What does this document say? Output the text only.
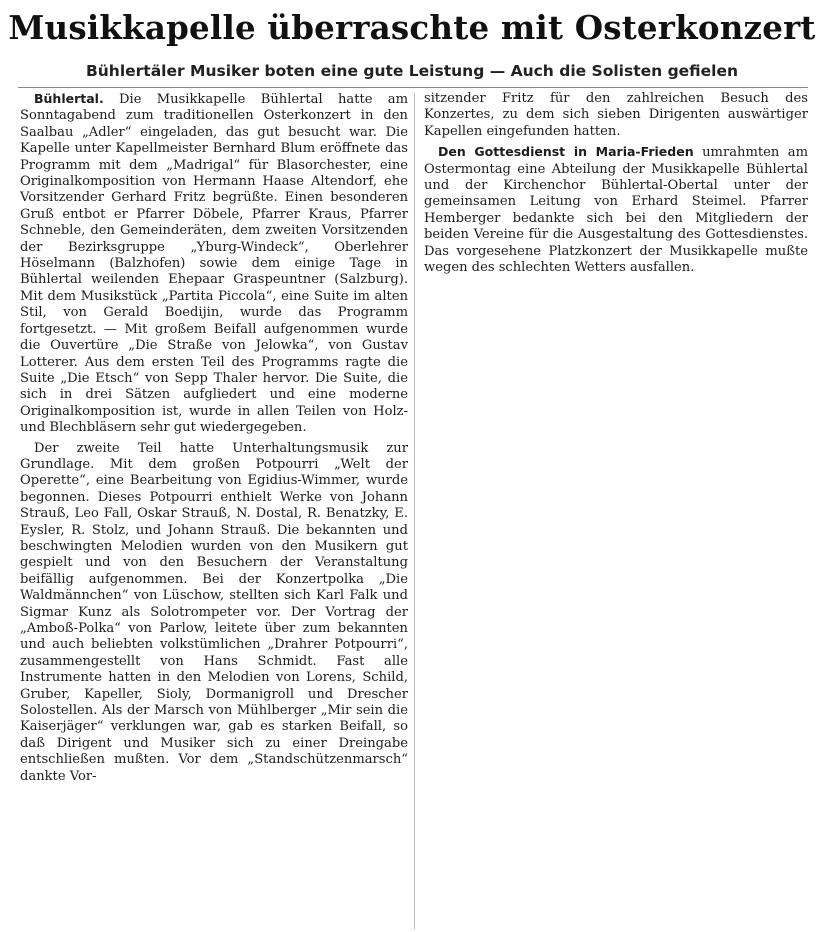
Musikkapelle überraschte mit Osterkonzert
Bühlertäler Musiker boten eine gute Leistung — Auch die Solisten gefielen

Bühlertal. Die Musikkapelle Bühlertal hatte am Sonntagabend zum traditionellen Osterkonzert in den Saalbau „Adler“ eingeladen, das gut besucht war. Die Kapelle unter Kapellmeister Bernhard Blum eröffnete das Programm mit dem „Madrigal“ für Blasorchester, eine Originalkomposition von Hermann Haase Altendorf, ehe Vorsitzender Gerhard Fritz begrüßte. Einen besonderen Gruß entbot er Pfarrer Döbele, Pfarrer Kraus, Pfarrer Schneble, den Gemeinderäten, dem zweiten Vorsitzenden der Bezirksgruppe „Yburg-Windeck“, Oberlehrer Höselmann (Balzhofen) sowie dem einige Tage in Bühlertal weilenden Ehepaar Graspeuntner (Salzburg). Mit dem Musikstück „Partita Piccola“, eine Suite im alten Stil, von Gerald Boedijin, wurde das Programm fortgesetzt. — Mit großem Beifall aufgenommen wurde die Ouvertüre „Die Straße von Jelowka“, von Gustav Lotterer. Aus dem ersten Teil des Programms ragte die Suite „Die Etsch“ von Sepp Thaler hervor. Die Suite, die sich in drei Sätzen aufgliedert und eine moderne Originalkomposition ist, wurde in allen Teilen von Holz- und Blechbläsern sehr gut wiedergegeben.

Der zweite Teil hatte Unterhaltungsmusik zur Grundlage. Mit dem großen Potpourri „Welt der Operette“, eine Bearbeitung von Egidius-Wimmer, wurde begonnen. Dieses Potpourri enthielt Werke von Johann Strauß, Leo Fall, Oskar Strauß, N. Dostal, R. Benatzky, E. Eysler, R. Stolz, und Johann Strauß. Die bekannten und beschwingten Melodien wurden von den Musikern gut gespielt und von den Besuchern der Veranstaltung beifällig aufgenommen. Bei der Konzertpolka „Die Waldmännchen“ von Lüschow, stellten sich Karl Falk und Sigmar Kunz als Solotrompeter vor. Der Vortrag der „Amboß-Polka“ von Parlow, leitete über zum bekannten und auch beliebten volkstümlichen „Drahrer Potpourri“, zusammengestellt von Hans Schmidt. Fast alle Instrumente hatten in den Melodien von Lorens, Schild, Gruber, Kapeller, Sioly, Dormanigroll und Drescher Solostellen. Als der Marsch von Mühlberger „Mir sein die Kaiserjäger“ verklungen war, gab es starken Beifall, so daß Dirigent und Musiker sich zu einer Dreingabe entschließen mußten. Vor dem „Standschützenmarsch“ dankte Vor-

sitzender Fritz für den zahlreichen Besuch des Konzertes, zu dem sich sieben Dirigenten auswärtiger Kapellen eingefunden hatten.

Den Gottesdienst in Maria-Frieden umrahmten am Ostermontag eine Abteilung der Musikkapelle Bühlertal und der Kirchenchor Bühlertal-Obertal unter der gemeinsamen Leitung von Erhard Steimel. Pfarrer Hemberger bedankte sich bei den Mitgliedern der beiden Vereine für die Ausgestaltung des Gottesdienstes. Das vorgesehene Platzkonzert der Musikkapelle mußte wegen des schlechten Wetters ausfallen.
